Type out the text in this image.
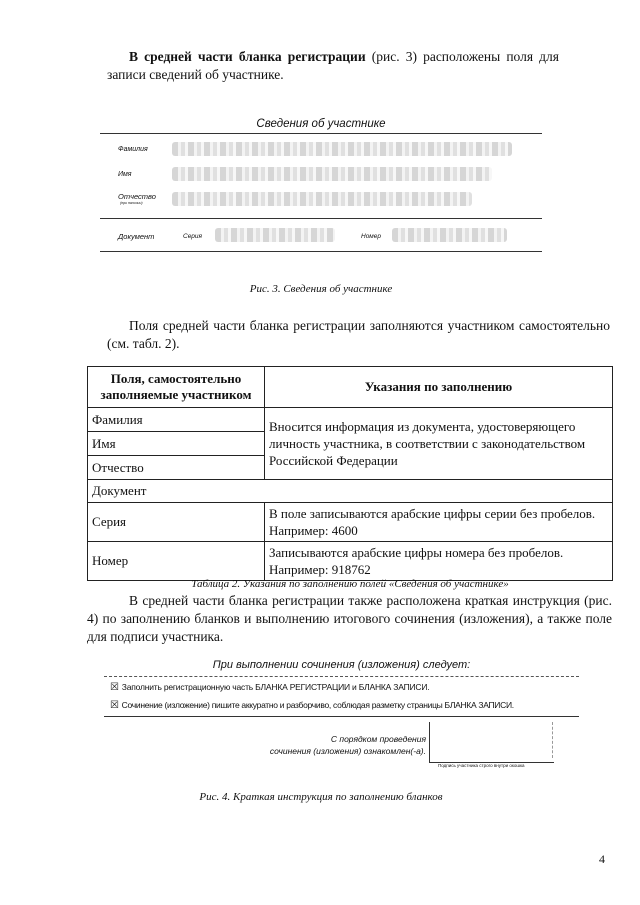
В средней части бланка регистрации (рис. 3) расположены поля для записи сведений об участнике.
Сведения об участнике
Фамилия
Имя
Отчество
(при наличии)
Документ	Серия	Номер
Рис. 3. Сведения об участнике
Поля средней части бланка регистрации заполняются участником самостоятельно (см. табл. 2).
Поля, самостоятельно заполняемые участником	Указания по заполнению
Фамилия	Вносится информация из документа, удостоверяющего личность участника, в соответствии с законодательством Российской Федерации
Имя	
Отчество	
Документ	
Серия	В поле записываются арабские цифры серии без пробелов. Например: 4600
Номер	Записываются арабские цифры номера без пробелов. Например: 918762
Таблица 2. Указания по заполнению полей «Сведения об участнике»
В средней части бланка регистрации также расположена краткая инструкция (рис. 4) по заполнению бланков и выполнению итогового сочинения (изложения), а также поле для подписи участника.
При выполнении сочинения (изложения) следует:
☒ Заполнить регистрационную часть БЛАНКА РЕГИСТРАЦИИ и БЛАНКА ЗАПИСИ.
☒ Сочинение (изложение) пишите аккуратно и разборчиво, соблюдая разметку страницы БЛАНКА ЗАПИСИ.
С порядком проведения
сочинения (изложения) ознакомлен(-а).
Подпись участника строго внутри окошка
Рис. 4. Краткая инструкция по заполнению бланков
4
